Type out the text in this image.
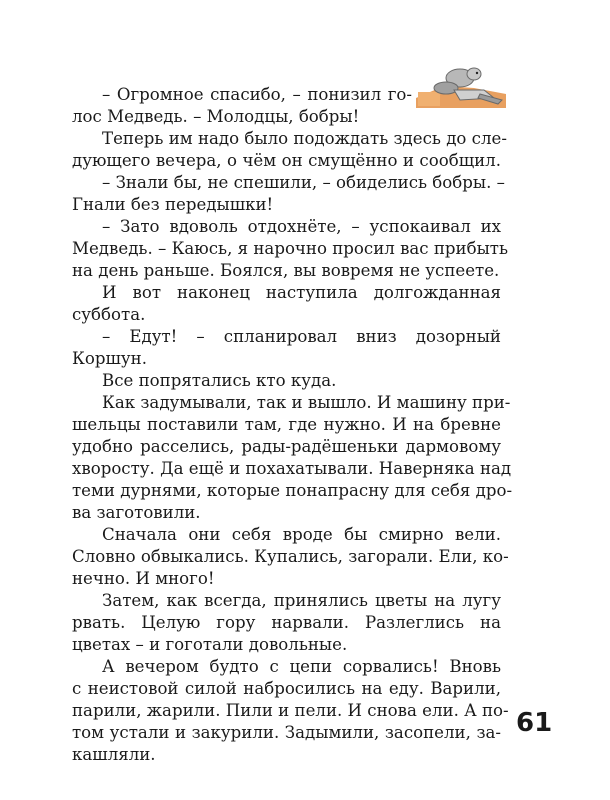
– Огромное спасибо, – понизил го-
лос Медведь. – Молодцы, бобры!
Теперь им надо было подождать здесь до сле-
дующего вечера, о чём он смущённо и сообщил.
– Знали бы, не спешили, – обиделись бобры. –
Гнали без передышки!
– Зато вдоволь отдохнёте, – успокаивал их
Медведь. – Каюсь, я нарочно просил вас прибыть
на день раньше. Боялся, вы вовремя не успеете.
И вот наконец наступила долгожданная
суббота.
– Едут! – спланировал вниз дозорный
Коршун.
Все попрятались кто куда.
Как задумывали, так и вышло. И машину при-
шельцы поставили там, где нужно. И на бревне
удобно расселись, рады-радёшеньки дармовому
хворосту. Да ещё и похахатывали. Наверняка над
теми дурнями, которые понапрасну для себя дро-
ва заготовили.
Сначала они себя вроде бы смирно вели.
Словно обвыкались. Купались, загорали. Ели, ко-
нечно. И много!
Затем, как всегда, принялись цветы на лугу
рвать. Целую гору нарвали. Разлеглись на
цветах – и гоготали довольные.
А вечером будто с цепи сорвались! Вновь
с неистовой силой набросились на еду. Варили,
парили, жарили. Пили и пели. И снова ели. А по-
том устали и закурили. Задымили, засопели, за-
кашляли.
61
